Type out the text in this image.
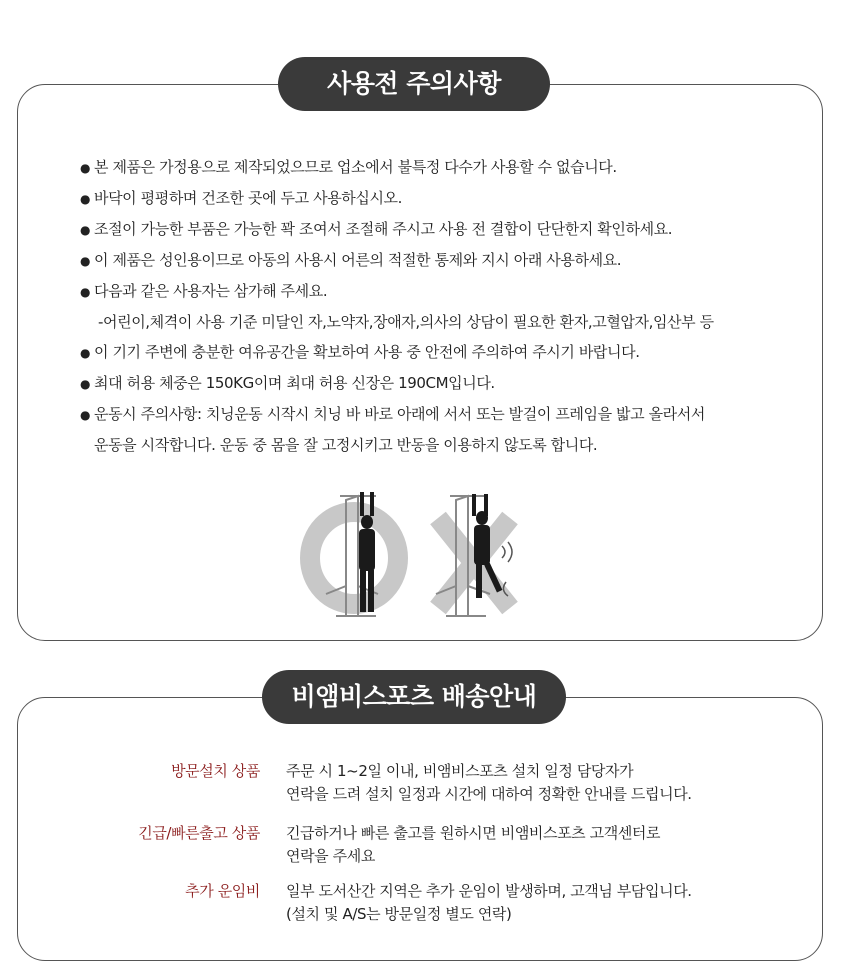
사용전 주의사항
● 본 제품은 가정용으로 제작되었으므로 업소에서 불특정 다수가 사용할 수 없습니다.
● 바닥이 평평하며 건조한 곳에 두고 사용하십시오.
● 조절이 가능한 부품은 가능한 꽉 조여서 조절해 주시고 사용 전 결합이 단단한지 확인하세요.
● 이 제품은 성인용이므로 아동의 사용시 어른의 적절한 통제와 지시 아래 사용하세요.
● 다음과 같은 사용자는 삼가해 주세요.
-어린이,체격이 사용 기준 미달인 자,노약자,장애자,의사의 상담이 필요한 환자,고혈압자,임산부 등
● 이 기기 주변에 충분한 여유공간을 확보하여 사용 중 안전에 주의하여 주시기 바랍니다.
● 최대 허용 체중은 150KG이며 최대 허용 신장은 190CM입니다.
● 운동시 주의사항: 치닝운동 시작시 치닝 바 바로 아래에 서서 또는 발걸이 프레임을 밟고 올라서서
운동을 시작합니다. 운동 중 몸을 잘 고정시키고 반동을 이용하지 않도록 합니다.
비앰비스포츠 배송안내
방문설치 상품 주문 시 1~2일 이내, 비앰비스포츠 설치 일정 담당자가
연락을 드려 설치 일정과 시간에 대하여 정확한 안내를 드립니다.
긴급/빠른출고 상품 긴급하거나 빠른 출고를 원하시면 비앰비스포츠 고객센터로
연락을 주세요
추가 운임비 일부 도서산간 지역은 추가 운임이 발생하며, 고객님 부담입니다.
(설치 및 A/S는 방문일정 별도 연락)
